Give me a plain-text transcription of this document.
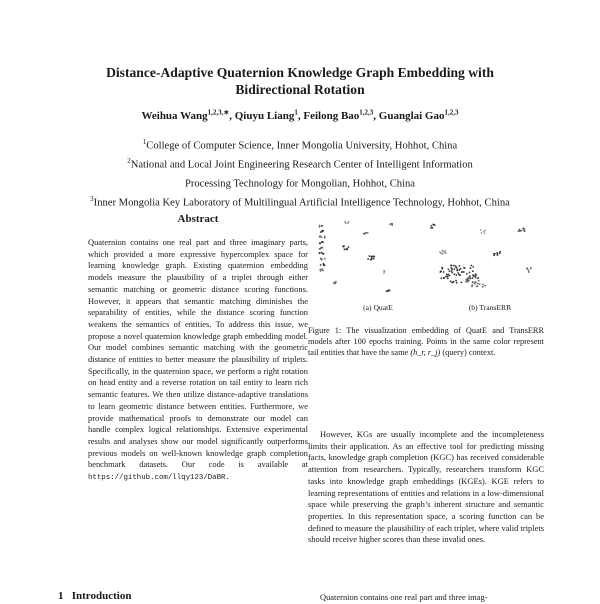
Distance-Adaptive Quaternion Knowledge Graph Embedding with
Bidirectional Rotation
Weihua Wang$^{1,2,3,∗}$, Qiuyu Liang$^1$, Feilong Bao$^{1,2,3}$, Guanglai Gao$^{1,2,3}$
$^1$College of Computer Science, Inner Mongolia University, Hohhot, China
$^2$National and Local Joint Engineering Research Center of Intelligent Information
Processing Technology for Mongolian, Hohhot, China
$^3$Inner Mongolia Key Laboratory of Multilingual Artificial Intelligence Technology, Hohhot, China
Abstract
Quaternion contains one real part and three imaginary parts, which provided a more expressive hypercomplex space for learning knowledge graph. Existing quaternion embedding models measure the plausibility of a triplet through either semantic matching or geometric distance scoring functions. However, it appears that semantic matching diminishes the separability of entities, while the distance scoring function weakens the semantics of entities. To address this issue, we propose a novel quaternion knowledge graph embedding model. Our model combines semantic matching with the geometric distance of entities to better measure the plausibility of triplets. Specifically, in the quaternion space, we perform a right rotation on head entity and a reverse rotation on tail entity to learn rich semantic features. We then utilize distance-adaptive translations to learn geometric distance between entities. Furthermore, we provide mathematical proofs to demonstrate our model can handle complex logical relationships. Extensive experimental results and analyses show our model significantly outperforms previous models on well-known knowledge graph completion benchmark datasets. Our code is available at https://github.com/llqy123/DaBR.
(a) QuatE	(b) TransERR
Figure 1: The visualization embedding of QuatE and TransERR models after 100 epochs training. Points in the same color represent tail entities that have the same (h_r, r_j) (query) context.
However, KGs are usually incomplete and the incompleteness limits their application. As an effective tool for predicting missing facts, knowledge graph completion (KGC) has received considerable attention from researchers. Typically, researchers transform KGC tasks into knowledge graph embeddings (KGEs). KGE refers to learning representations of entities and relations in a low-dimensional space while preserving the graph’s inherent structure and semantic properties. In this representation space, a scoring function can be defined to measure the plausibility of each triplet, where valid triplets should receive higher scores than these invalid ones.
Quaternion contains one real part and three imag-
1 Introduction
